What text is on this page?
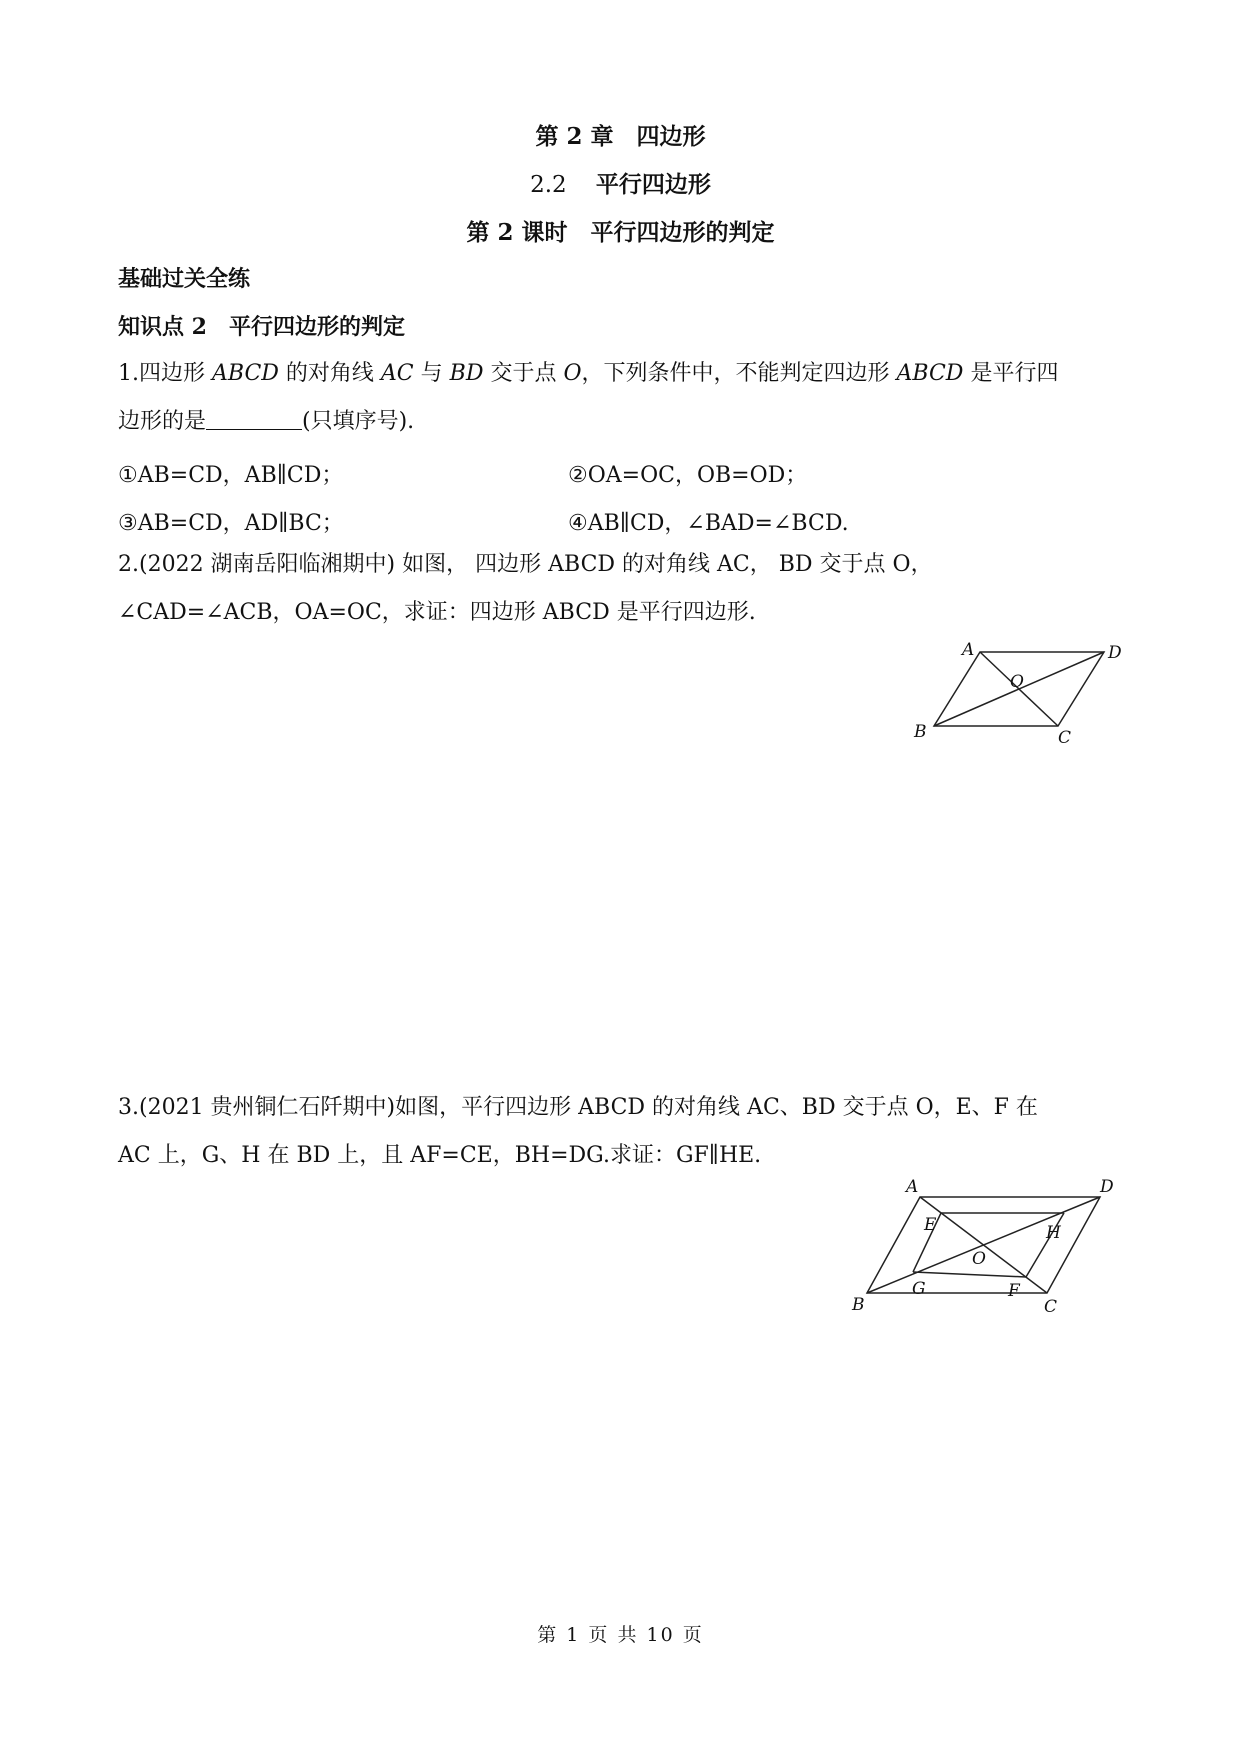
第 2 章　四边形
2.2 平行四边形
第 2 课时　平行四边形的判定
基础过关全练
知识点 2　平行四边形的判定
1.四边形 ABCD 的对角线 AC 与 BD 交于点 O，下列条件中，不能判定四边形 ABCD 是平行四
边形的是	(只填序号).
①AB=CD，AB∥CD；	②OA=OC，OB=OD；
③AB=CD，AD∥BC；	④AB∥CD，∠BAD=∠BCD.
2.(2022 湖南岳阳临湘期中) 如图， 四边形 ABCD 的对角线 AC， BD 交于点 O，
∠CAD=∠ACB，OA=OC，求证：四边形 ABCD 是平行四边形.
A	D
O
B	C
3.(2021 贵州铜仁石阡期中)如图，平行四边形 ABCD 的对角线 AC、BD 交于点 O，E、F 在
AC 上，G、H 在 BD 上，且 AF=CE，BH=DG.求证：GF∥HE.
A	D
E	H
O
G	F
B	C
第 1 页 共 10 页
